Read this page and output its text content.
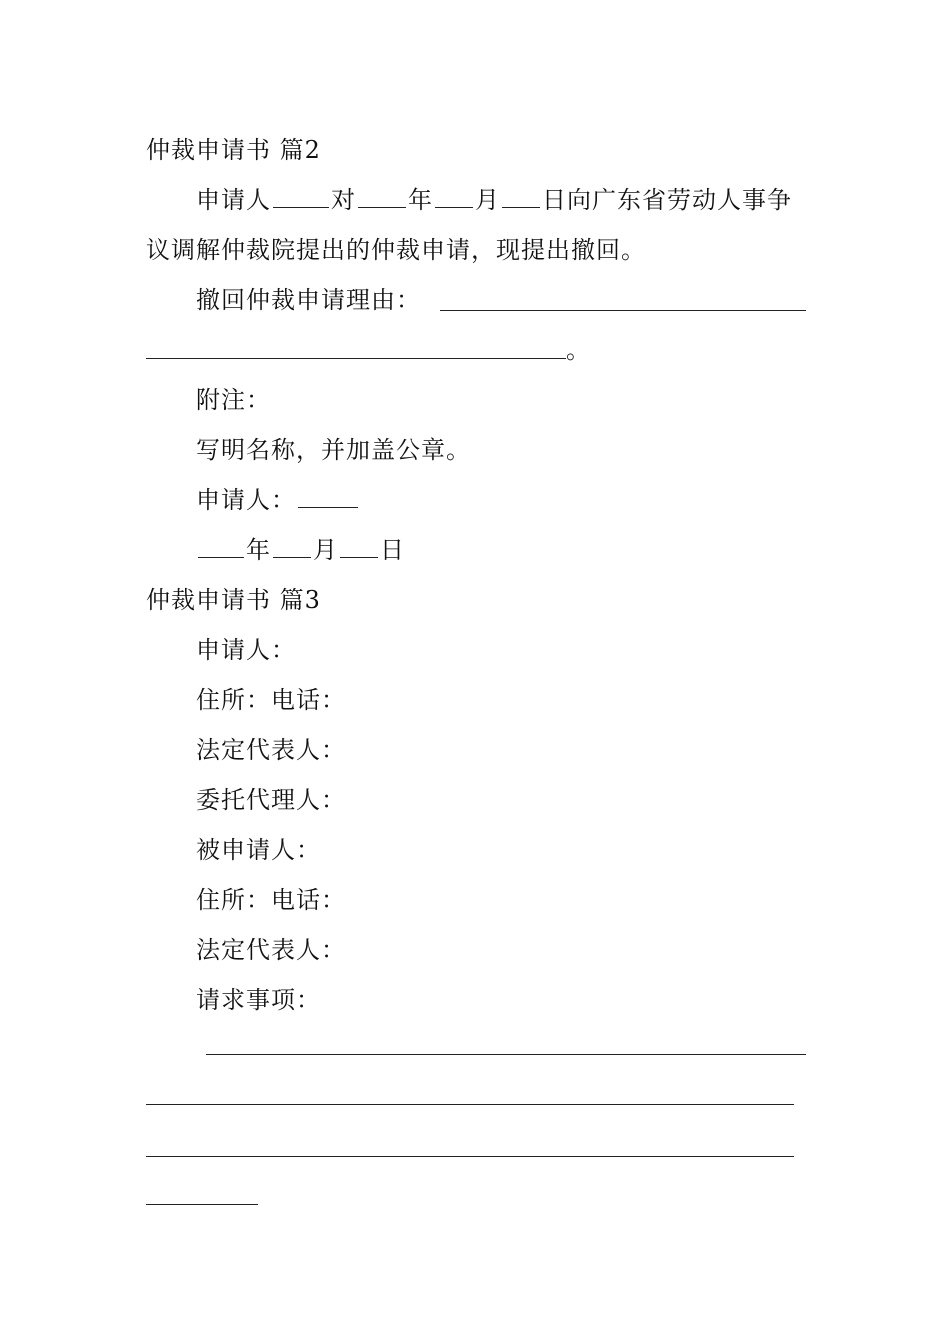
仲裁申请书 篇2
申请人	对 年 月 日向广东省劳动人事争
议调解仲裁院提出的仲裁申请，现提出撤回。
撤回仲裁申请理由：
。
附注：
写明名称，并加盖公章。
申请人：
年 月 日
仲裁申请书 篇3
申请人：
住所：电话：
法定代表人：
委托代理人：
被申请人：
住所：电话：
法定代表人：
请求事项：
